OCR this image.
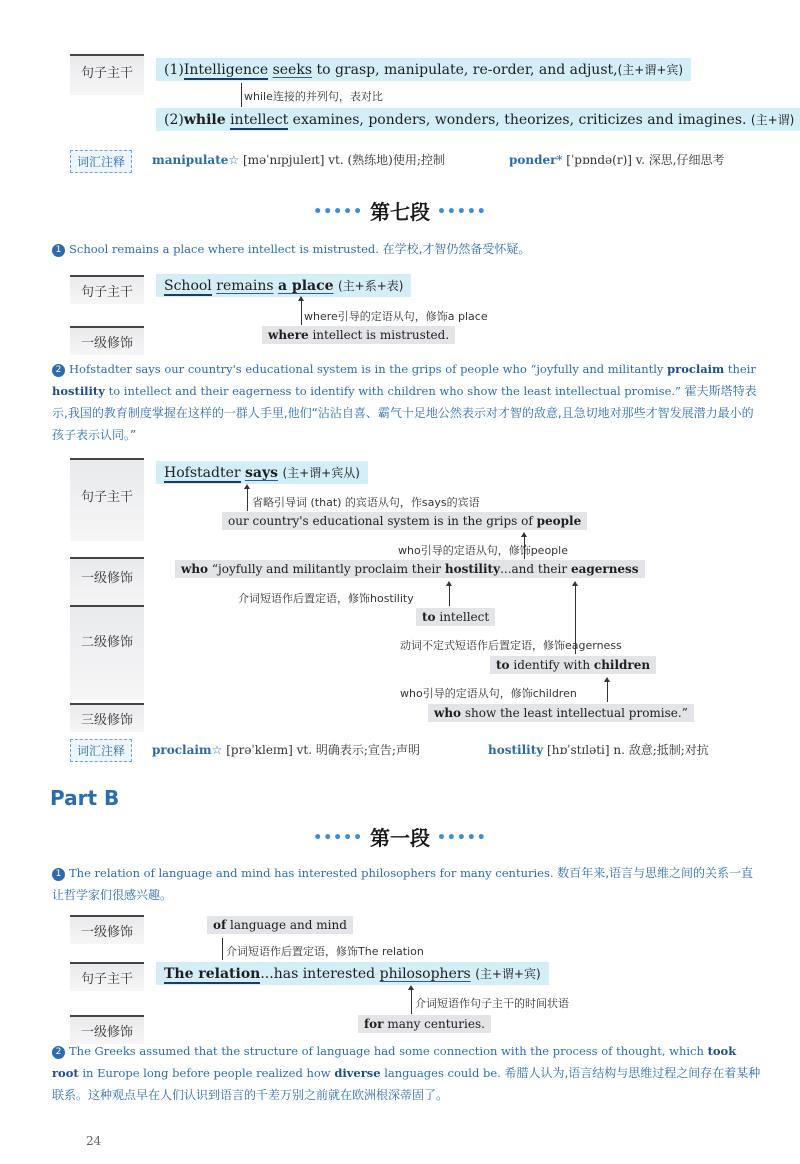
句子主干	(1)Intelligence seeks to grasp, manipulate, re-order, and adjust,(主+谓+宾)
while连接的并列句，表对比
(2)while intellect examines, ponders, wonders, theorizes, criticizes and imagines. (主+谓)
词汇注释	manipulate☆ [məˈnɪpjuleɪt] vt. (熟练地)使用;控制	ponder* [ˈpɒndə(r)] v. 深思,仔细思考
••••• 第七段 •••••
1 School remains a place where intellect is mistrusted. 在学校,才智仍然备受怀疑。
句子主干	School remains a place (主+系+表)
where引导的定语从句，修饰a place
一级修饰
where intellect is mistrusted.
2 Hofstadter says our country's educational system is in the grips of people who “joyfully and militantly proclaim their hostility to intellect and their eagerness to identify with children who show the least intellectual promise.” 霍夫斯塔特表示,我国的教育制度掌握在这样的一群人手里,他们“沾沾自喜、霸气十足地公然表示对才智的敌意,且急切地对那些才智发展潜力最小的孩子表示认同。”
句子主干
Hofstadter says (主+谓+宾从)
省略引导词 (that) 的宾语从句，作says的宾语
our country's educational system is in the grips of people
who引导的定语从句，修饰people
一级修饰
who “joyfully and militantly proclaim their hostility...and their eagerness
介词短语作后置定语，修饰hostility
二级修饰
to intellect
动词不定式短语作后置定语，修饰eagerness
to identify with children
who引导的定语从句，修饰children
三级修饰	who show the least intellectual promise.”
词汇注释	proclaim☆ [prəˈkleɪm] vt. 明确表示;宣告;声明	hostility [hɒˈstɪləti] n. 敌意;抵制;对抗
Part B
••••• 第一段 •••••
1 The relation of language and mind has interested philosophers for many centuries. 数百年来,语言与思维之间的关系一直让哲学家们很感兴趣。
一级修饰	of language and mind
介词短语作后置定语，修饰The relation
句子主干	The relation...has interested philosophers (主+谓+宾)
介词短语作句子主干的时间状语
一级修饰
for many centuries.
2 The Greeks assumed that the structure of language had some connection with the process of thought, which took root in Europe long before people realized how diverse languages could be. 希腊人认为,语言结构与思维过程之间存在着某种联系。这种观点早在人们认识到语言的千差万别之前就在欧洲根深蒂固了。
24
